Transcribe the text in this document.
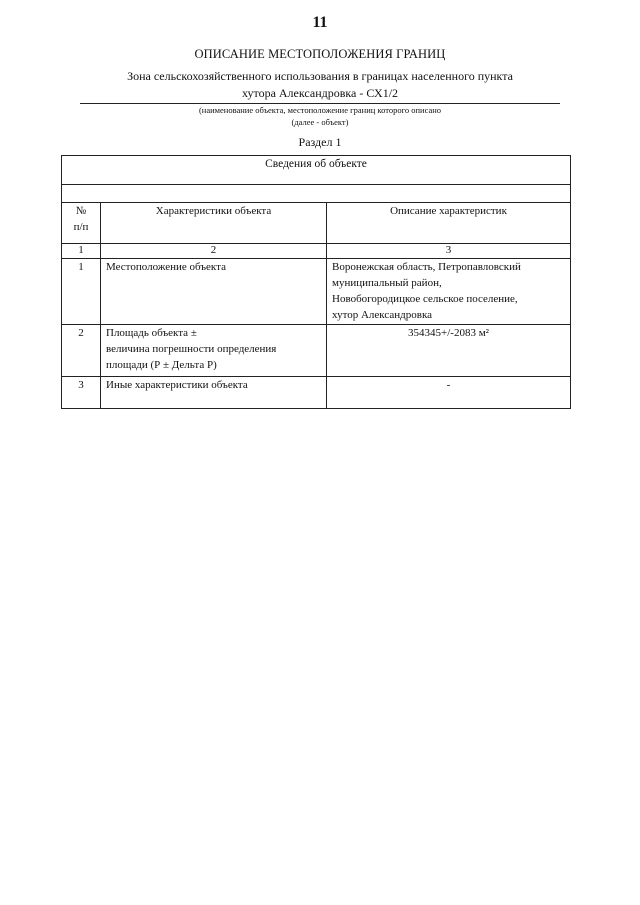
11
ОПИСАНИЕ МЕСТОПОЛОЖЕНИЯ ГРАНИЦ
Зона сельскохозяйственного использования в границах населенного пункта
хутора Александровка - СХ1/2
(наименование объекта, местоположение границ которого описано
(далее - объект)
Раздел 1
Сведения об объекте		

№
п/п	Характеристики объекта	Описание характеристик
1	2	3
1	Местоположение объекта	Воронежская область, Петропавловский
муниципальный район,
Новобогородицкое сельское поселение,
хутор Александровка

2	Площадь объекта ±
величина погрешности определения
площади (Р ± Дельта Р)	354345+/-2083 м²
3	Иные характеристики объекта	-
